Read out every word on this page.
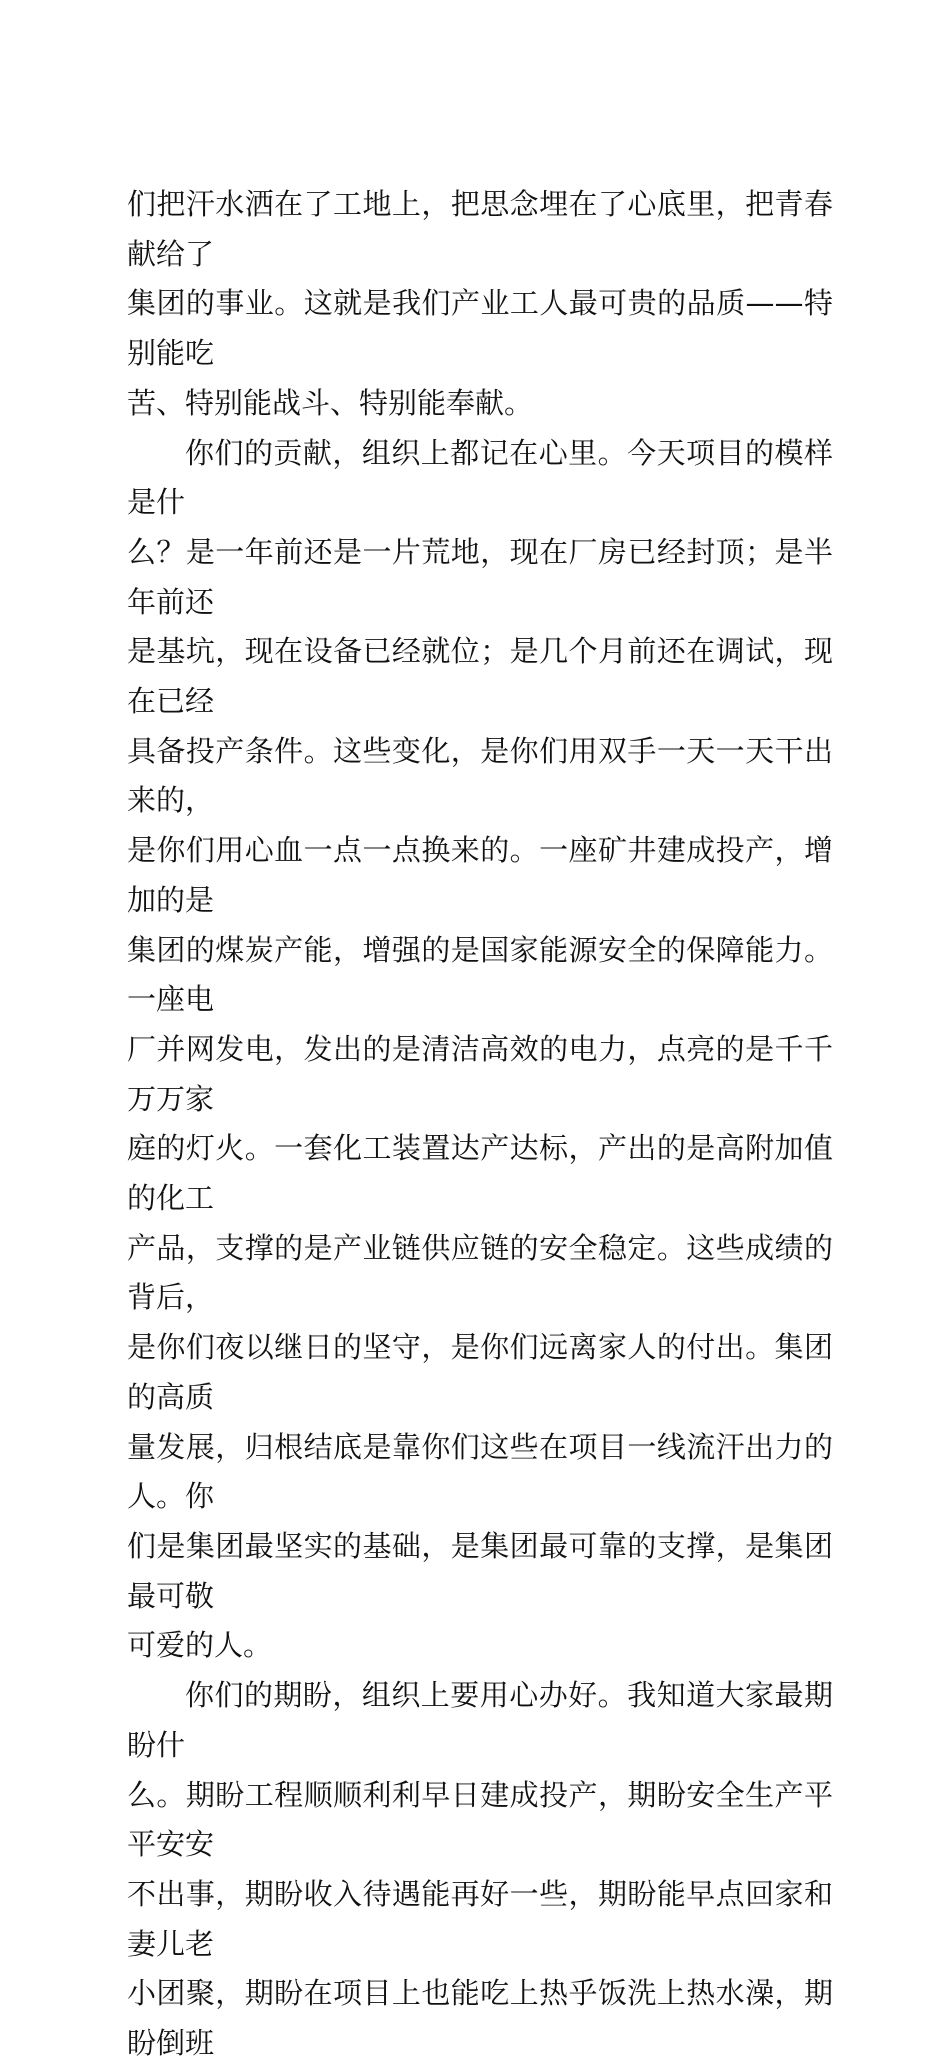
们把汗水洒在了工地上，把思念埋在了心底里，把青春献给了
集团的事业。这就是我们产业工人最可贵的品质——特别能吃
苦、特别能战斗、特别能奉献。

你们的贡献，组织上都记在心里。今天项目的模样是什
么？是一年前还是一片荒地，现在厂房已经封顶；是半年前还
是基坑，现在设备已经就位；是几个月前还在调试，现在已经
具备投产条件。这些变化，是你们用双手一天一天干出来的，
是你们用心血一点一点换来的。一座矿井建成投产，增加的是
集团的煤炭产能，增强的是国家能源安全的保障能力。一座电
厂并网发电，发出的是清洁高效的电力，点亮的是千千万万家
庭的灯火。一套化工装置达产达标，产出的是高附加值的化工
产品，支撑的是产业链供应链的安全稳定。这些成绩的背后，
是你们夜以继日的坚守，是你们远离家人的付出。集团的高质
量发展，归根结底是靠你们这些在项目一线流汗出力的人。你
们是集团最坚实的基础，是集团最可靠的支撑，是集团最可敬
可爱的人。

你们的期盼，组织上要用心办好。我知道大家最期盼什
么。期盼工程顺顺利利早日建成投产，期盼安全生产平平安安
不出事，期盼收入待遇能再好一些，期盼能早点回家和妻儿老
小团聚，期盼在项目上也能吃上热乎饭洗上热水澡，期盼倒班
